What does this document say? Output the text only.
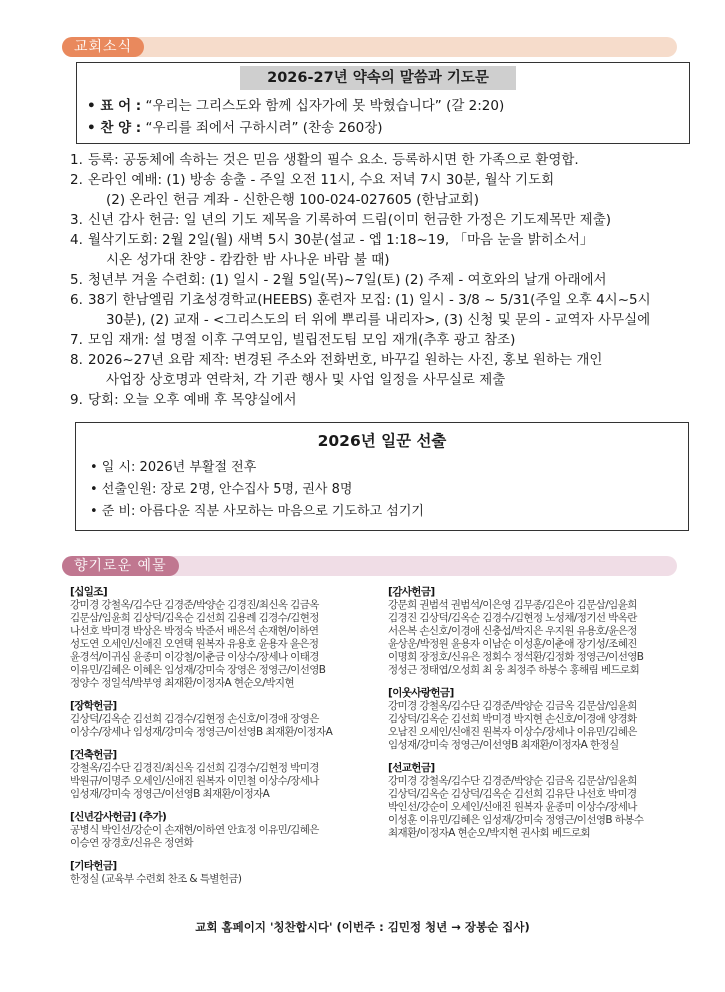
교회소식
2026-27년 약속의 말씀과 기도문
• 표 어 : “우리는 그리스도와 함께 십자가에 못 박혔습니다” (갈 2:20)
• 찬 양 : “우리를 죄에서 구하시려” (찬송 260장)
1. 등록: 공동체에 속하는 것은 믿음 생활의 필수 요소. 등록하시면 한 가족으로 환영합.
2. 온라인 예배: (1) 방송 송출 - 주일 오전 11시, 수요 저녁 7시 30분, 월삭 기도회
(2) 온라인 헌금 계좌 - 신한은행 100-024-027605 (한남교회)
3. 신년 감사 헌금: 일 년의 기도 제목을 기록하여 드림(이미 헌금한 가정은 기도제목만 제출)
4. 월삭기도회: 2월 2일(월) 새벽 5시 30분(설교 - 엡 1:18~19, 「마음 눈을 밝히소서」
시온 성가대 찬양 - 캄캄한 밤 사나운 바람 불 때)
5. 청년부 겨울 수련회: (1) 일시 - 2월 5일(목)~7일(토) (2) 주제 - 여호와의 날개 아래에서
6. 38기 한남엘림 기초성경학교(HEEBS) 훈련자 모집: (1) 일시 - 3/8 ~ 5/31(주일 오후 4시~5시
30분), (2) 교재 - <그리스도의 터 위에 뿌리를 내리자>, (3) 신청 및 문의 - 교역자 사무실에
7. 모임 재개: 설 명절 이후 구역모임, 빌립전도팀 모임 재개(추후 광고 참조)
8. 2026~27년 요람 제작: 변경된 주소와 전화번호, 바꾸길 원하는 사진, 홍보 원하는 개인
사업장 상호명과 연락처, 각 기관 행사 및 사업 일정을 사무실로 제출
9. 당회: 오늘 오후 예배 후 목양실에서
2026년 일꾼 선출
• 일 시: 2026년 부활절 전후
• 선출인원: 장로 2명, 안수집사 5명, 권사 8명
• 준 비: 아름다운 직분 사모하는 마음으로 기도하고 섬기기
향기로운 예물
[십일조]
강미경 강철옥/김수단 김경준/박양순 김경진/최신옥 김금옥
김문삼/임윤희 김상덕/김옥순 김선희 김용례 김경수/김현정
나선호 박미경 박상은 박정숙 박준서 배은석 손재현/이하연
성도연 오세인/신애진 오연택 원복자 유용호 윤용자 윤은정
윤경석/이귀심 윤종미 이강철/이춘금 이상수/장세나 이태경
이유민/김혜은 이혜은 임성재/강미숙 장영은 정영근/이선영B
정양수 정일석/박부영 최재환/이정자A 현순오/박지현
[장학헌금]
김상덕/김옥순 김선희 김경수/김현정 손신호/이경애 장영은
이상수/장세나 임성재/강미숙 정영근/이선영B 최재환/이정자A
[건축헌금]
강철옥/김수단 김경진/최신옥 김선희 김경수/김현정 박미경
박원규/이명주 오세인/신애진 원복자 이민철 이상수/장세나
임성재/강미숙 정영근/이선영B 최재환/이정자A
[신년감사헌금] (추가)
공병식 박인선/강순이 손재현/이하연 안효정 이유민/김혜은
이승연 장경호/신유은 정연화
[기타헌금]
한정실 (교육부 수련회 찬조 & 특별헌금)
[감사헌금]
강문희 권범석 권범석/이은영 김무종/김은아 김문삼/임윤희
김경진 김상덕/김옥순 김경수/김현정 노성채/정기선 박옥란
서은복 손신호/이경애 신충섭/박지은 우지원 유용호/윤은정
윤상운/박정원 윤용자 이남순 이성훈/이춘애 장기성/조혜진
이명희 장정호/신유은 정회수 정석환/김정화 정영근/이선영B
정성근 정태엽/오성희 최 웅 최정주 하봉수 홍해림 베드로회
[이웃사랑헌금]
강미경 강철옥/김수단 김경준/박양순 김금옥 김문삼/임윤희
김상덕/김옥순 김선희 박미경 박지현 손신호/이경애 양경화
오남진 오세인/신애진 원복자 이상수/장세나 이유민/김혜은
임성재/강미숙 정영근/이선영B 최재환/이정자A 한정실
[선교헌금]
강미경 강철옥/김수단 김경준/박양순 김금옥 김문삼/임윤희
김상덕/김옥순 김상덕/김옥순 김선희 김유단 나선호 박미경
박인선/강순이 오세인/신애진 원복자 윤종미 이상수/장세나
이성훈 이유민/김혜은 임성재/강미숙 정영근/이선영B 하봉수
최재환/이정자A 현순오/박지현 권사회 베드로회
교회 홈페이지 '칭찬합시다' (이번주 : 김민정 청년 → 장봉순 집사)
